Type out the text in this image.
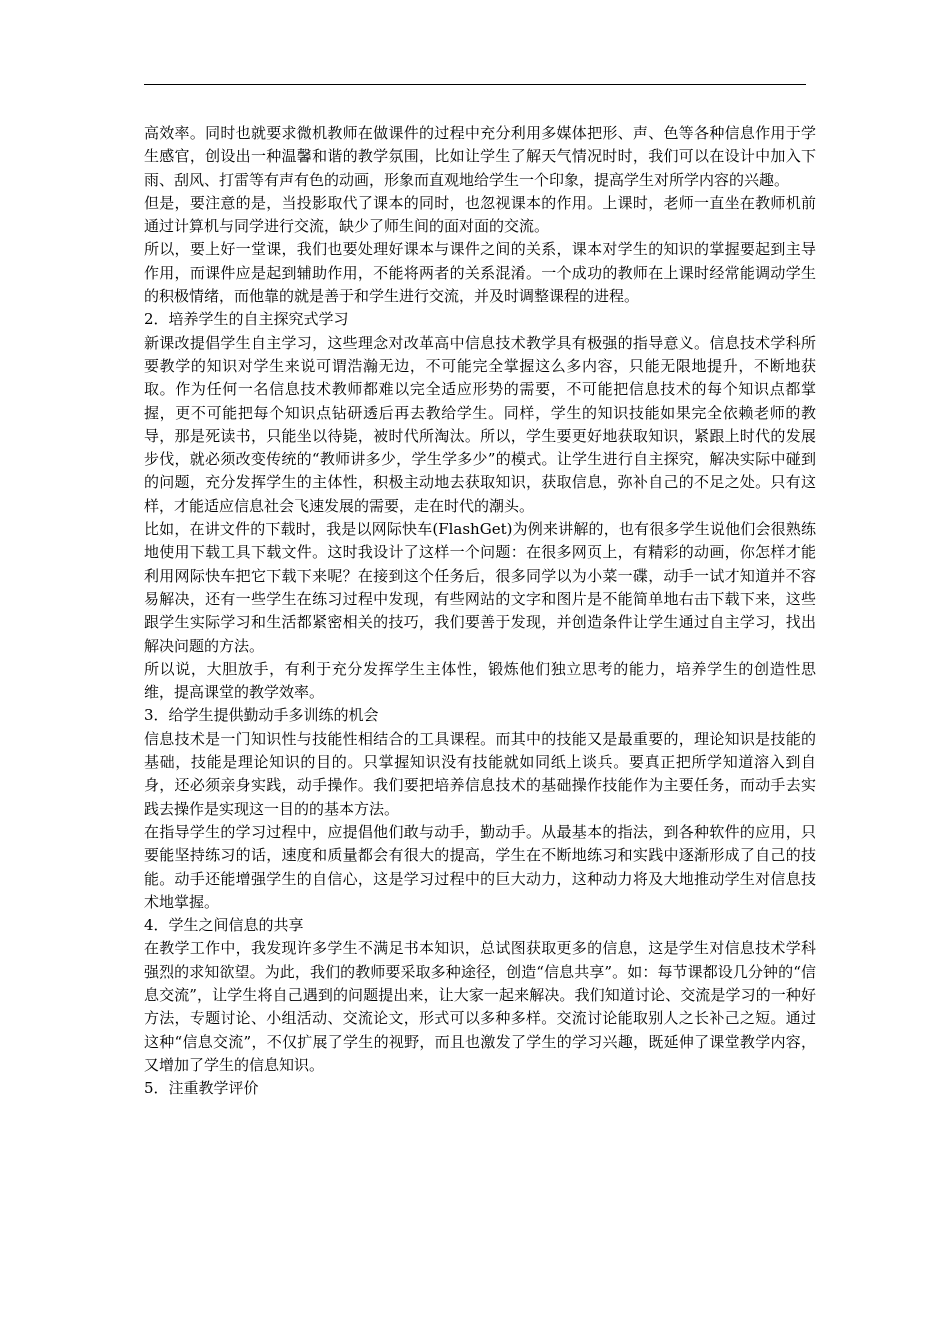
高效率。同时也就要求微机教师在做课件的过程中充分利用多媒体把形、声、色等各种信息作用于学生感官，创设出一种温馨和谐的教学氛围，比如让学生了解天气情况时时，我们可以在设计中加入下雨、刮风、打雷等有声有色的动画，形象而直观地给学生一个印象，提高学生对所学内容的兴趣。

但是，要注意的是，当投影取代了课本的同时，也忽视课本的作用。上课时，老师一直坐在教师机前通过计算机与同学进行交流，缺少了师生间的面对面的交流。

所以，要上好一堂课，我们也要处理好课本与课件之间的关系，课本对学生的知识的掌握要起到主导作用，而课件应是起到辅助作用，不能将两者的关系混淆。一个成功的教师在上课时经常能调动学生的积极情绪，而他靠的就是善于和学生进行交流，并及时调整课程的进程。

2．培养学生的自主探究式学习

新课改提倡学生自主学习，这些理念对改革高中信息技术教学具有极强的指导意义。信息技术学科所要教学的知识对学生来说可谓浩瀚无边，不可能完全掌握这么多内容，只能无限地提升，不断地获取。作为任何一名信息技术教师都难以完全适应形势的需要，不可能把信息技术的每个知识点都掌握，更不可能把每个知识点钻研透后再去教给学生。同样，学生的知识技能如果完全依赖老师的教导，那是死读书，只能坐以待毙，被时代所淘汰。所以，学生要更好地获取知识，紧跟上时代的发展步伐，就必须改变传统的“教师讲多少，学生学多少”的模式。让学生进行自主探究，解决实际中碰到的问题，充分发挥学生的主体性，积极主动地去获取知识，获取信息，弥补自己的不足之处。只有这样，才能适应信息社会飞速发展的需要，走在时代的潮头。

比如，在讲文件的下载时，我是以网际快车(FlashGet)为例来讲解的，也有很多学生说他们会很熟练地使用下载工具下载文件。这时我设计了这样一个问题：在很多网页上，有精彩的动画，你怎样才能利用网际快车把它下载下来呢？在接到这个任务后，很多同学以为小菜一碟，动手一试才知道并不容易解决，还有一些学生在练习过程中发现，有些网站的文字和图片是不能简单地右击下载下来，这些跟学生实际学习和生活都紧密相关的技巧，我们要善于发现，并创造条件让学生通过自主学习，找出解决问题的方法。

所以说，大胆放手，有利于充分发挥学生主体性，锻炼他们独立思考的能力，培养学生的创造性思维，提高课堂的教学效率。

3．给学生提供勤动手多训练的机会

信息技术是一门知识性与技能性相结合的工具课程。而其中的技能又是最重要的，理论知识是技能的基础，技能是理论知识的目的。只掌握知识没有技能就如同纸上谈兵。要真正把所学知道溶入到自身，还必须亲身实践，动手操作。我们要把培养信息技术的基础操作技能作为主要任务，而动手去实践去操作是实现这一目的的基本方法。

在指导学生的学习过程中，应提倡他们敢与动手，勤动手。从最基本的指法，到各种软件的应用，只要能坚持练习的话，速度和质量都会有很大的提高，学生在不断地练习和实践中逐渐形成了自己的技能。动手还能增强学生的自信心，这是学习过程中的巨大动力，这种动力将及大地推动学生对信息技术地掌握。

4．学生之间信息的共享

在教学工作中，我发现许多学生不满足书本知识，总试图获取更多的信息，这是学生对信息技术学科强烈的求知欲望。为此，我们的教师要采取多种途径，创造“信息共享”。如：每节课都设几分钟的“信息交流”，让学生将自己遇到的问题提出来，让大家一起来解决。我们知道讨论、交流是学习的一种好方法，专题讨论、小组活动、交流论文，形式可以多种多样。交流讨论能取别人之长补己之短。通过这种“信息交流”，不仅扩展了学生的视野，而且也激发了学生的学习兴趣，既延伸了课堂教学内容，又增加了学生的信息知识。

5．注重教学评价
